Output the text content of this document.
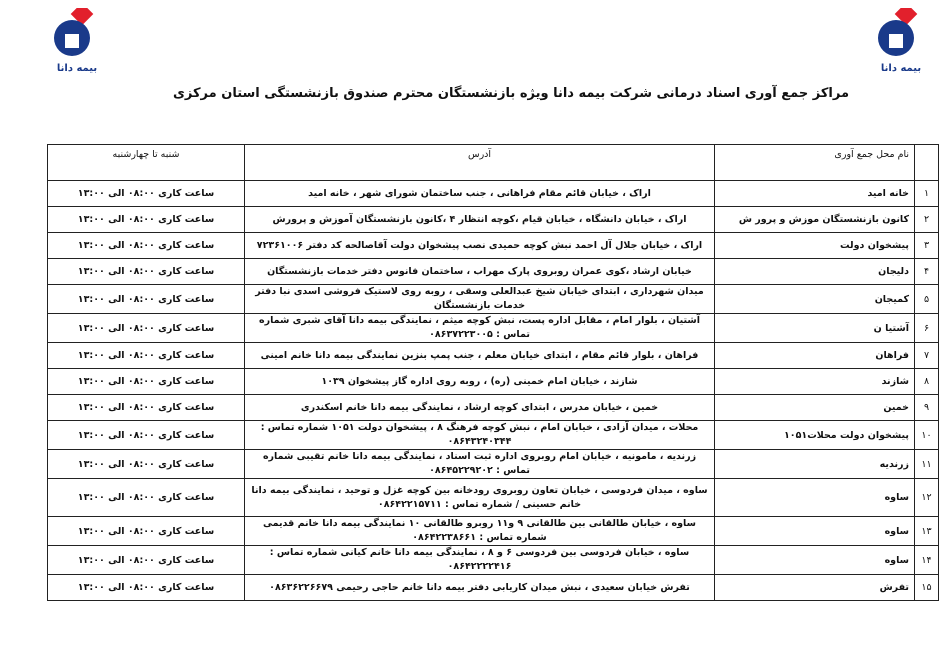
بیمه دانا	بیمه دانا
مراکز جمع آوری اسناد درمانی شرکت بیمه دانا ویژه بازنشستگان محترم صندوق بازنشستگی استان مرکزی
	نام محل جمع آوری	آدرس	شنبه تا چهارشنبه
۱	خانه امید	اراک ، خیابان قائم مقام فراهانی ، جنب ساختمان شورای شهر ، خانه امید	ساعت کاری ۰۸:۰۰ الی ۱۳:۰۰
۲	کانون بازنشستگان موزش و پرور ش	اراک ، خیابان دانشگاه ، خیابان قیام ،کوچه انتظار ۴ ،کانون بازنشستگان آموزش و پرورش	ساعت کاری ۰۸:۰۰ الی ۱۳:۰۰
۳	پیشخوان دولت	اراک ، خیابان جلال آل احمد نبش کوچه حمیدی نصب پیشخوان دولت آقاصالحه کد دفتر ۷۲۳۶۱۰۰۶	ساعت کاری ۰۸:۰۰ الی ۱۳:۰۰
۴	دلیجان	خیابان ارشاد ،کوی عمران روبروی پارک مهراب ، ساختمان فانوس دفتر خدمات بازنشستگان	ساعت کاری ۰۸:۰۰ الی ۱۳:۰۰
۵	کمیجان	میدان شهرداری ، ابتدای خیابان شیخ عبدالعلی وسقی ، روبه روی لاستیک فروشی اسدی نبا دفتر خدمات بازنشستگان	ساعت کاری ۰۸:۰۰ الی ۱۳:۰۰
۶	آشتیا ن	آشتیان ، بلوار امام ، مقابل اداره پست، نبش کوچه میثم ، نمایندگی بیمه دانا آقای شبری شماره تماس : ۰۸۶۳۷۲۲۳۰۰۵	ساعت کاری ۰۸:۰۰ الی ۱۳:۰۰
۷	فراهان	فراهان ، بلوار قائم مقام ، ابتدای خیابان معلم ، جنب پمپ بنزین نمایندگی بیمه دانا خانم امینی	ساعت کاری ۰۸:۰۰ الی ۱۳:۰۰
۸	شازند	شازند ، خیابان امام خمینی (ره) ، روبه روی اداره گاز پیشخوان ۱۰۳۹	ساعت کاری ۰۸:۰۰ الی ۱۳:۰۰
۹	خمین	خمین ، خیابان مدرس ، ابتدای کوچه ارشاد ، نمایندگی بیمه دانا خانم اسکندری	ساعت کاری ۰۸:۰۰ الی ۱۳:۰۰
۱۰	پیشخوان دولت محلات۱۰۵۱	محلات ، میدان آزادی ، خیابان امام ، نبش کوچه فرهنگ ۸ ، پیشخوان دولت ۱۰۵۱ شماره تماس : ۰۸۶۴۳۲۴۰۳۴۴	ساعت کاری ۰۸:۰۰ الی ۱۳:۰۰
۱۱	زرندیه	زرندیه ، مامونیه ، خیابان امام روبروی اداره ثبت اسناد ، نمایندگی بیمه دانا خانم تقیبی شماره تماس : ۰۸۶۴۵۲۲۹۲۰۲	ساعت کاری ۰۸:۰۰ الی ۱۳:۰۰
۱۲	ساوه	ساوه ، میدان فردوسی ، خیابان تعاون روبروی رودخانه بین کوچه غزل و توحید ، نمایندگی بیمه دانا خانم حسینی / شماره تماس : ۰۸۶۴۲۲۱۵۷۱۱	ساعت کاری ۰۸:۰۰ الی ۱۳:۰۰
۱۳	ساوه	ساوه ، خیابان طالقانی بین طالقانی ۹ و۱۱ روبرو طالقانی ۱۰ نمایندگی بیمه دانا خانم قدیمی شماره تماس : ۰۸۶۴۲۲۳۸۶۶۱	ساعت کاری ۰۸:۰۰ الی ۱۳:۰۰
۱۴	ساوه	ساوه ، خیابان فردوسی بین فردوسی ۶ و ۸ ، نمایندگی بیمه دانا خانم کیانی شماره تماس : ۰۸۶۴۲۲۲۲۴۱۶	ساعت کاری ۰۸:۰۰ الی ۱۳:۰۰
۱۵	تفرش	تفرش خیابان سعیدی ، نبش میدان کاریابی دفتر بیمه دانا خانم حاجی رحیمی ۰۸۶۳۶۲۲۶۶۷۹	ساعت کاری ۰۸:۰۰ الی ۱۳:۰۰
